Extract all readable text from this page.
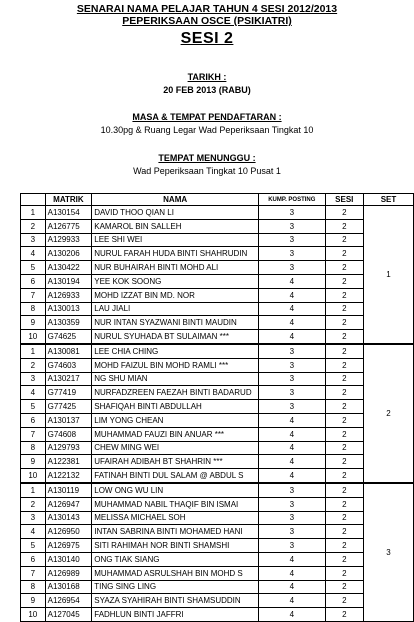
SENARAI NAMA PELAJAR TAHUN 4 SESI 2012/2013
PEPERIKSAAN OSCE (PSIKIATRI)
SESI 2
TARIKH :
20 FEB 2013 (RABU)
MASA & TEMPAT PENDAFTARAN :
10.30pg & Ruang Legar Wad Peperiksaan Tingkat 10
TEMPAT MENUNGGU :
Wad Peperiksaan Tingkat 10 Pusat 1
	MATRIK	NAMA	KUMP. POSTING	SESI	SET
1	A130154	DAVID THOO QIAN LI	3	2	1
2	A126775	KAMAROL BIN SALLEH	3	2	
3	A129933	LEE SHI WEI	3	2	
4	A130206	NURUL FARAH HUDA BINTI SHAHRUDIN	3	2	
5	A130422	NUR BUHAIRAH BINTI MOHD ALI	3	2	
6	A130194	YEE KOK SOONG	4	2	
7	A126933	MOHD IZZAT BIN MD. NOR	4	2	
8	A130013	LAU JIALI	4	2	
9	A130359	NUR INTAN SYAZWANI BINTI MAUDIN	4	2	
10	G74625	NURUL SYUHADA BT SULAIMAN ***	4	2	
1	A130081	LEE CHIA CHING	3	2	2
2	G74603	MOHD FAIZUL BIN MOHD RAMLI ***	3	2	
3	A130217	NG SHU MIAN	3	2	
4	G77419	NURFADZREEN FAEZAH BINTI BADARUD	3	2	
5	G77425	SHAFIQAH BINTI ABDULLAH	3	2	
6	A130137	LIM YONG CHEAN	4	2	
7	G74608	MUHAMMAD FAUZI BIN ANUAR ***	4	2	
8	A129793	CHEW MING WEI	4	2	
9	A122381	UFAIRAH ADIBAH BT SHAHRIN ***	4	2	
10	A122132	FATINAH BINTI DUL SALAM @ ABDUL S	4	2	
1	A130119	LOW ONG WU LIN	3	2	3
2	A126947	MUHAMMAD NABIL THAQIF BIN ISMAI	3	2	
3	A130143	MELISSA MICHAEL SOH	3	2	
4	A126950	INTAN SABRINA BINTI MOHAMED HANI	3	2	
5	A126975	SITI RAHIMAH NOR BINTI SHAMSHI	3	2	
6	A130140	ONG TIAK SIANG	4	2	
7	A126989	MUHAMMAD ASRULSHAH BIN MOHD S	4	2	
8	A130168	TING SING LING	4	2	
9	A126954	SYAZA SYAHIRAH BINTI SHAMSUDDIN	4	2	
10	A127045	FADHLUN BINTI JAFFRI	4	2	
